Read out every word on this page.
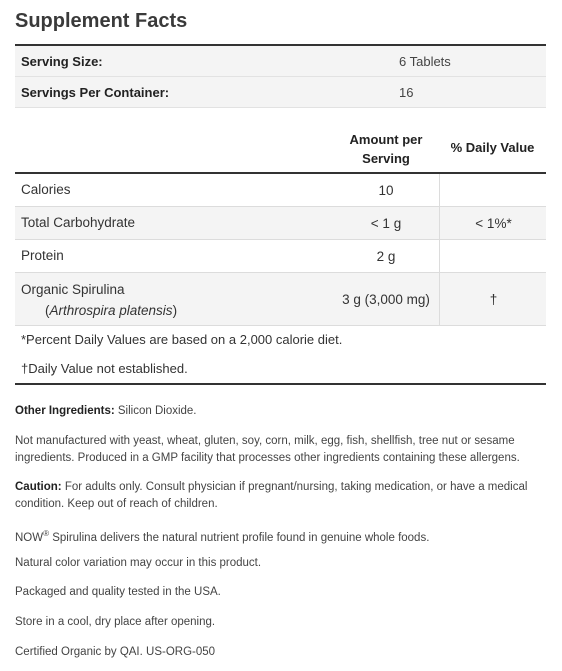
Supplement Facts
Serving Size:	6 Tablets
Servings Per Container:	16
Amount per
Serving
% Daily Value
Calories	10
Total Carbohydrate	< 1 g	< 1%*
Protein	2 g
Organic Spirulina
(Arthrospira platensis)
3 g (3,000 mg)	†
*Percent Daily Values are based on a 2,000 calorie diet.
†Daily Value not established.
Other Ingredients: Silicon Dioxide.
Not manufactured with yeast, wheat, gluten, soy, corn, milk, egg, fish, shellfish, tree nut or sesame ingredients. Produced in a GMP facility that processes other ingredients containing these allergens.
Caution: For adults only. Consult physician if pregnant/nursing, taking medication, or have a medical condition. Keep out of reach of children.
NOW® Spirulina delivers the natural nutrient profile found in genuine whole foods.
Natural color variation may occur in this product.
Packaged and quality tested in the USA.
Store in a cool, dry place after opening.
Certified Organic by QAI. US-ORG-050
